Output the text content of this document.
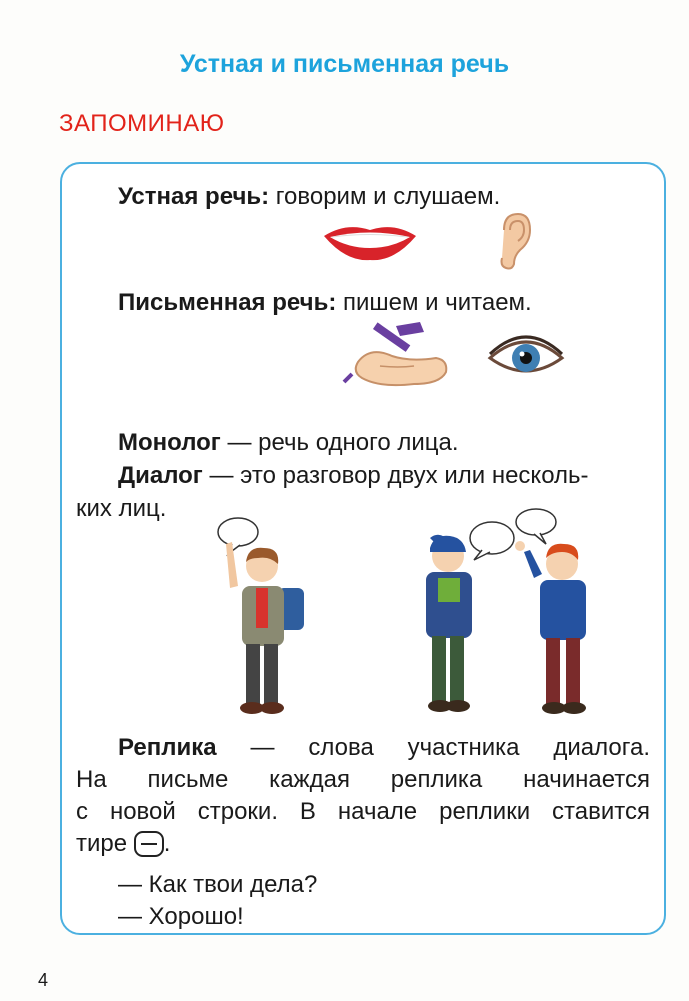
Устная и письменная речь
ЗАПОМИНАЮ
Устная речь: говорим и слушаем.
Письменная речь: пишем и читаем.
Монолог — речь одного лица.
Диалог — это разговор двух или несколь-
ких лиц.
Реплика — слова участника диалога.
На письме каждая реплика начинается
с новой строки. В начале реплики ставится
тире .
— Как твои дела?
— Хорошо!
4
